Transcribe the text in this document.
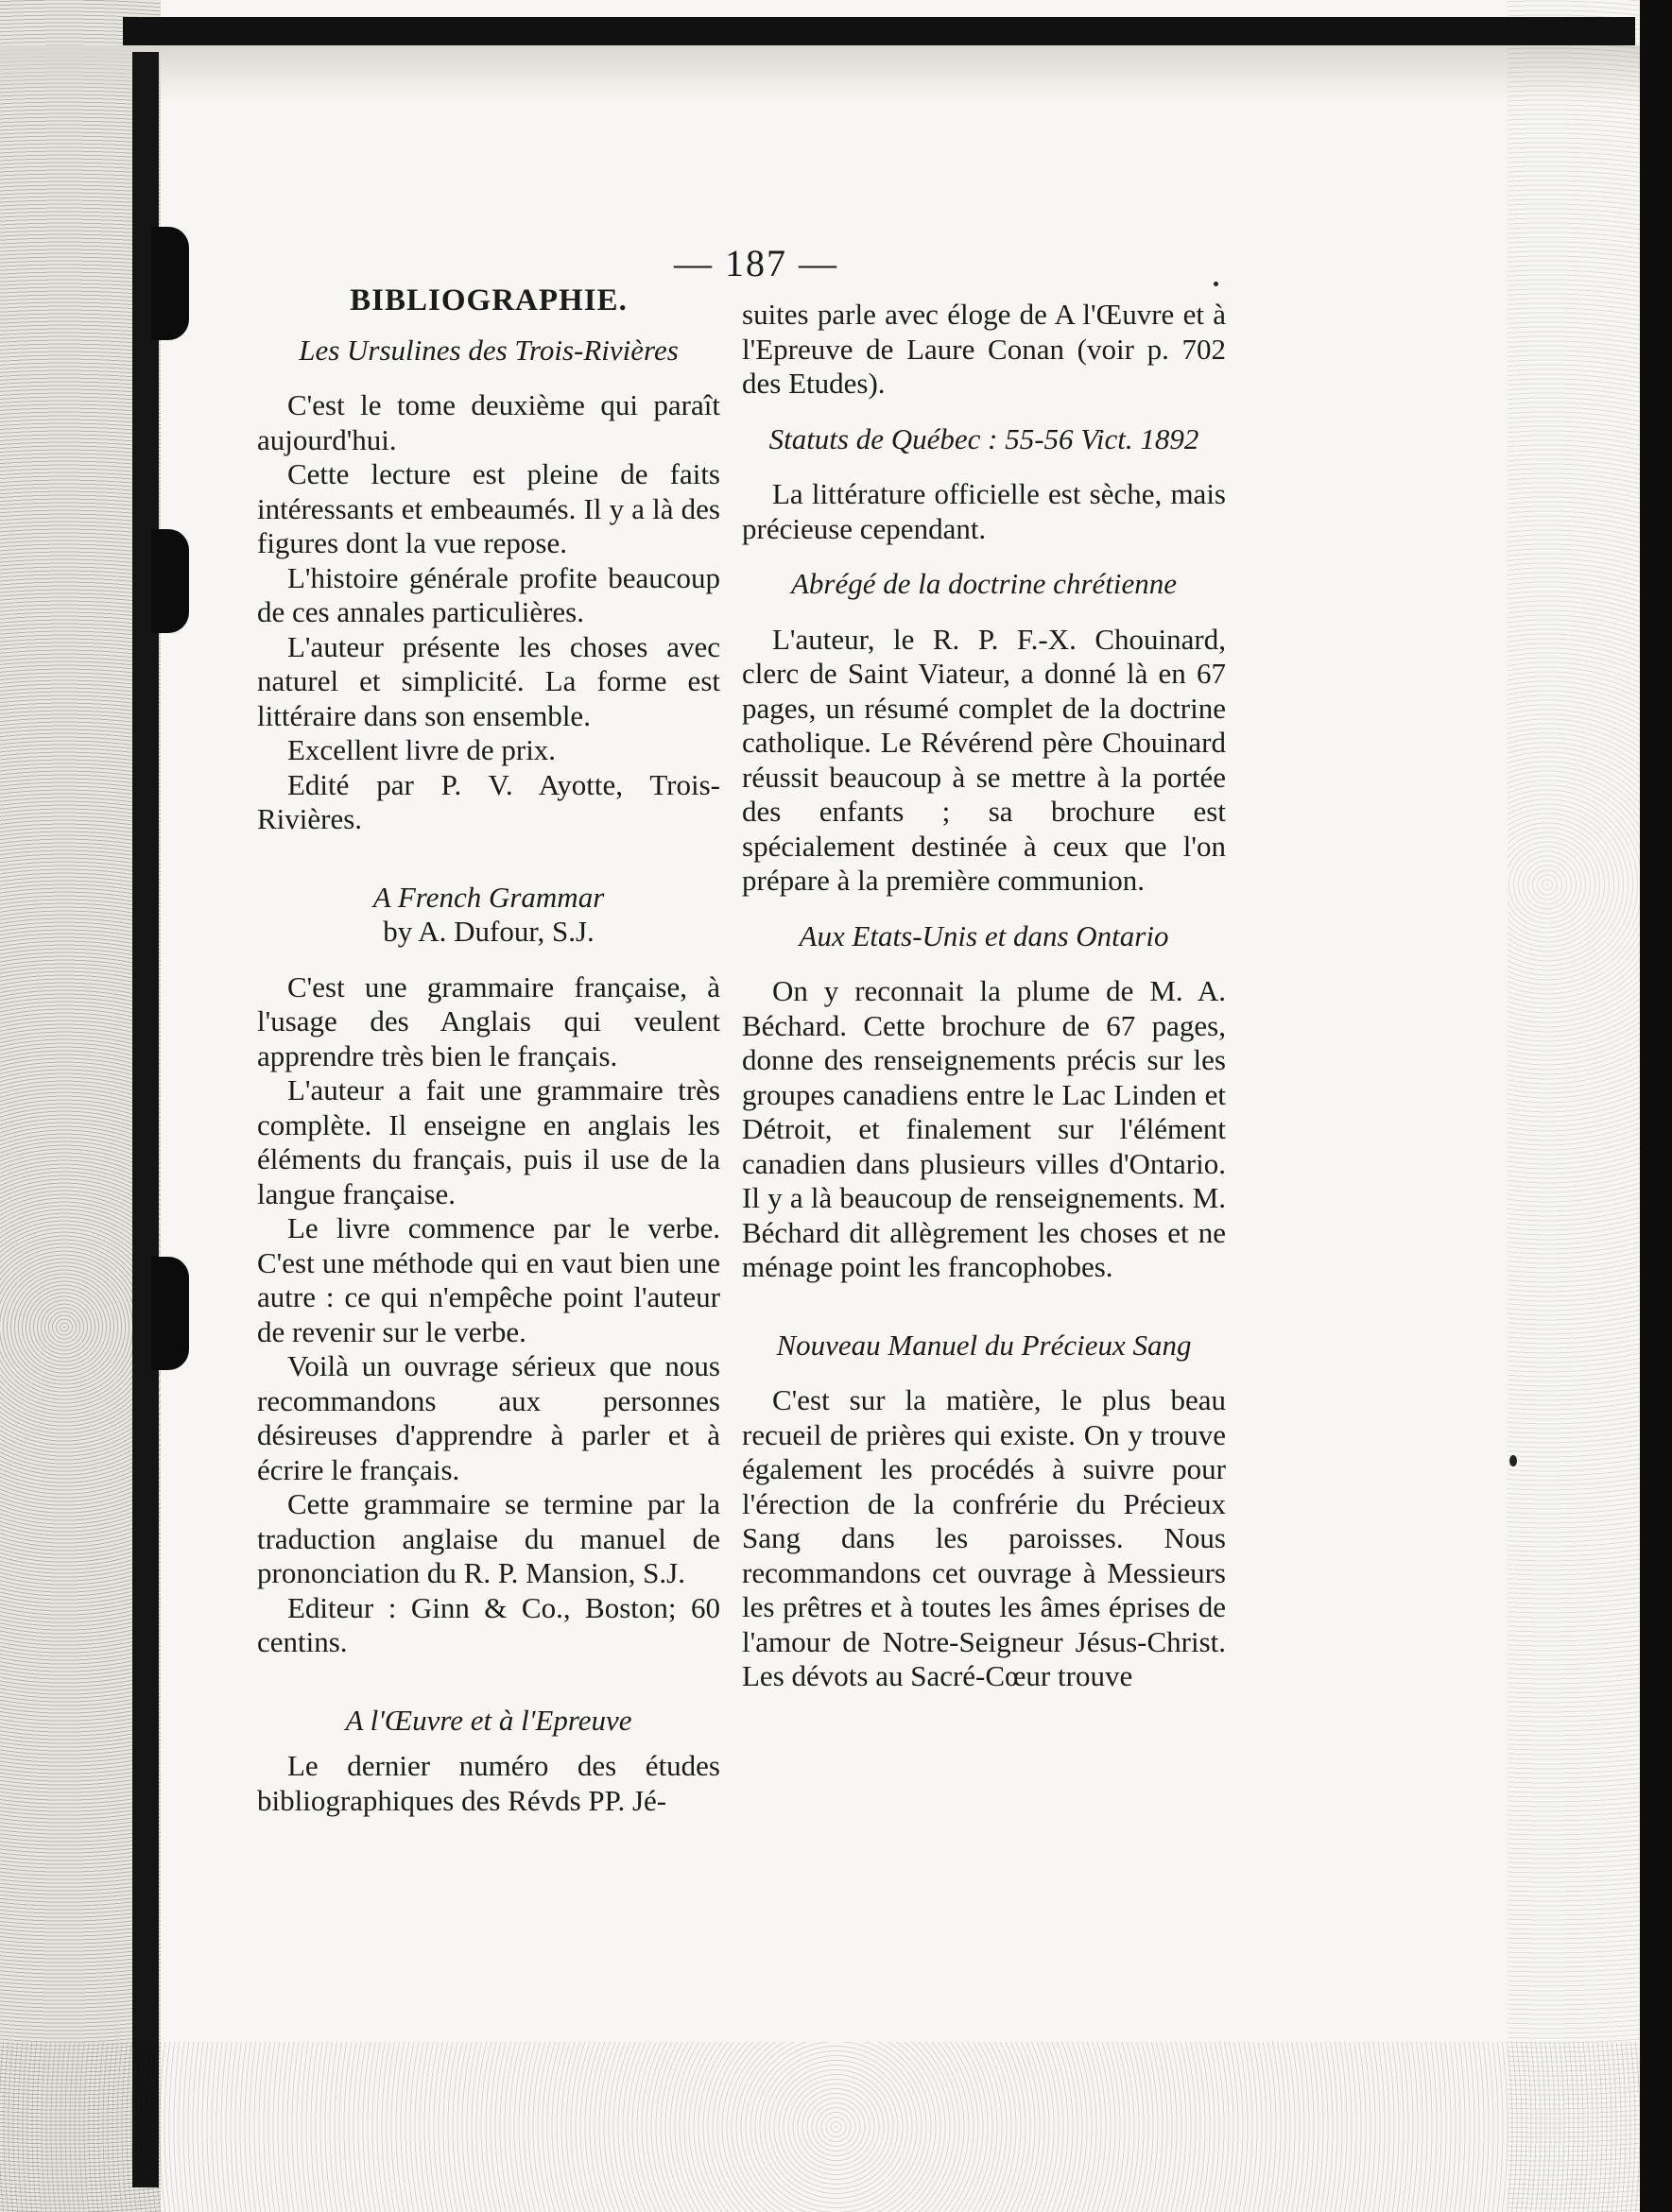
— 187 —
BIBLIOGRAPHIE.
Les Ursulines des Trois-Rivières

C'est le tome deuxième qui paraît aujourd'hui.

Cette lecture est pleine de faits intéressants et embeaumés. Il y a là des figures dont la vue repose.

L'histoire générale profite beaucoup de ces annales particulières.

L'auteur présente les choses avec naturel et simplicité. La forme est littéraire dans son ensemble.

Excellent livre de prix.

Edité par P. V. Ayotte, Trois-Rivières.

A French Grammar
by A. Dufour, S.J.

C'est une grammaire française, à l'usage des Anglais qui veulent apprendre très bien le français.

L'auteur a fait une grammaire très complète. Il enseigne en anglais les éléments du français, puis il use de la langue française.

Le livre commence par le verbe. C'est une méthode qui en vaut bien une autre : ce qui n'empêche point l'auteur de revenir sur le verbe.

Voilà un ouvrage sérieux que nous recommandons aux personnes désireuses d'apprendre à parler et à écrire le français.

Cette grammaire se termine par la traduction anglaise du manuel de prononciation du R. P. Mansion, S.J.

Editeur : Ginn & Co., Boston; 60 centins.

A l'Œuvre et à l'Epreuve

Le dernier numéro des études bibliographiques des Révds PP. Jé-

suites parle avec éloge de A l'Œuvre et à l'Epreuve de Laure Conan (voir p. 702 des Etudes).

Statuts de Québec : 55-56 Vict. 1892

La littérature officielle est sèche, mais précieuse cependant.

Abrégé de la doctrine chrétienne

L'auteur, le R. P. F.-X. Chouinard, clerc de Saint Viateur, a donné là en 67 pages, un résumé complet de la doctrine catholique. Le Révérend père Chouinard réussit beaucoup à se mettre à la portée des enfants ; sa brochure est spécialement destinée à ceux que l'on prépare à la première communion.

Aux Etats-Unis et dans Ontario

On y reconnait la plume de M. A. Béchard. Cette brochure de 67 pages, donne des renseignements précis sur les groupes canadiens entre le Lac Linden et Détroit, et finalement sur l'élément canadien dans plusieurs villes d'Ontario. Il y a là beaucoup de renseignements. M. Béchard dit allègrement les choses et ne ménage point les francophobes.

Nouveau Manuel du Précieux Sang

C'est sur la matière, le plus beau recueil de prières qui existe. On y trouve également les procédés à suivre pour l'érection de la confrérie du Précieux Sang dans les paroisses. Nous recommandons cet ouvrage à Messieurs les prêtres et à toutes les âmes éprises de l'amour de Notre-Seigneur Jésus-Christ. Les dévots au Sacré-Cœur trouve
